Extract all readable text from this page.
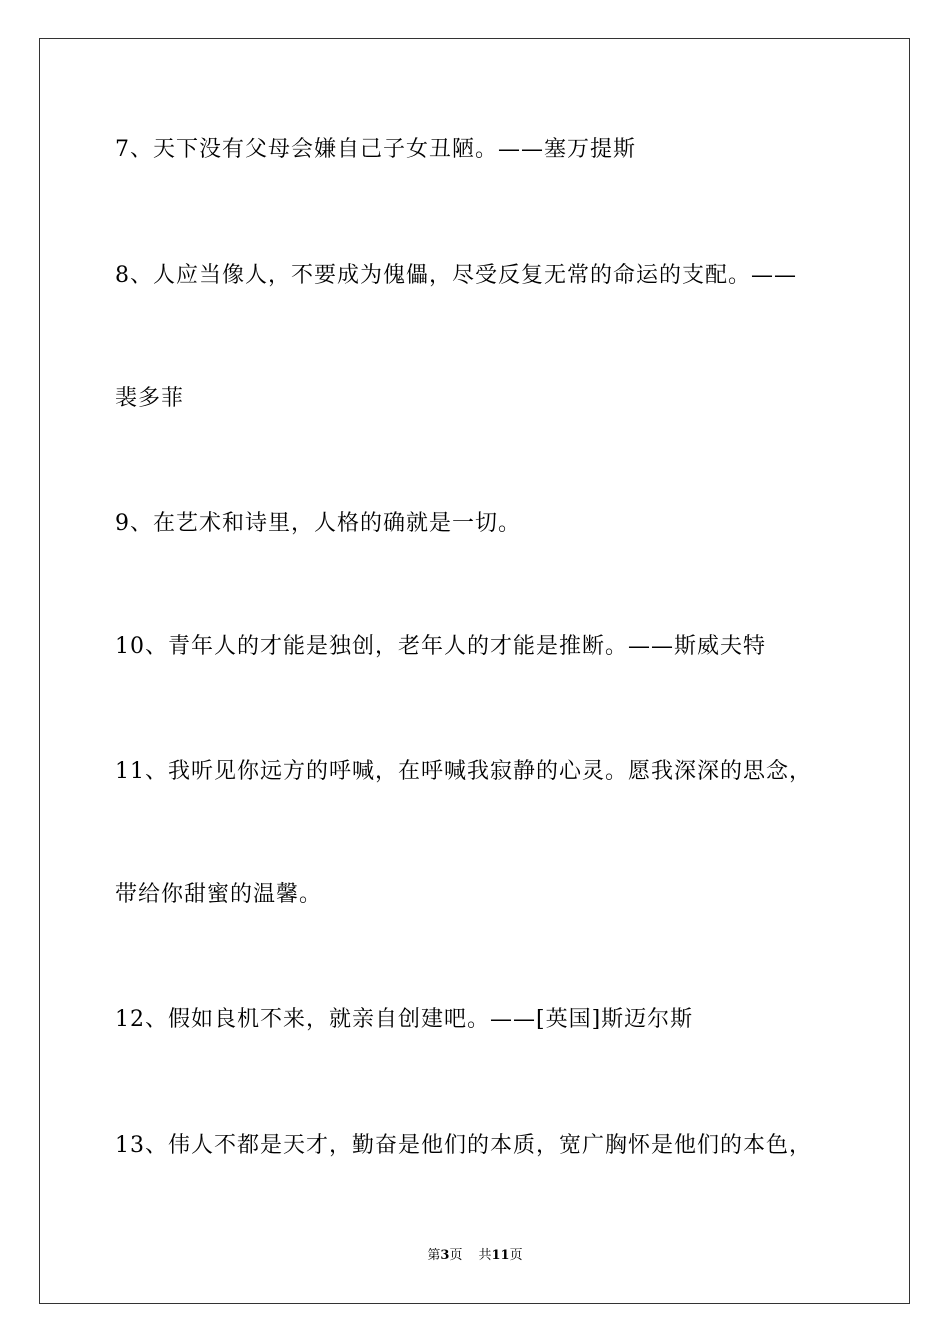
7、天下没有父母会嫌自己子女丑陋。——塞万提斯
8、人应当像人，不要成为傀儡，尽受反复无常的命运的支配。——
裴多菲
9、在艺术和诗里，人格的确就是一切。
10、青年人的才能是独创，老年人的才能是推断。——斯威夫特
11、我听见你远方的呼喊，在呼喊我寂静的心灵。愿我深深的思念，
带给你甜蜜的温馨。
12、假如良机不来，就亲自创建吧。——[英国]斯迈尔斯
13、伟人不都是天才，勤奋是他们的本质，宽广胸怀是他们的本色，
第3页 共11页
